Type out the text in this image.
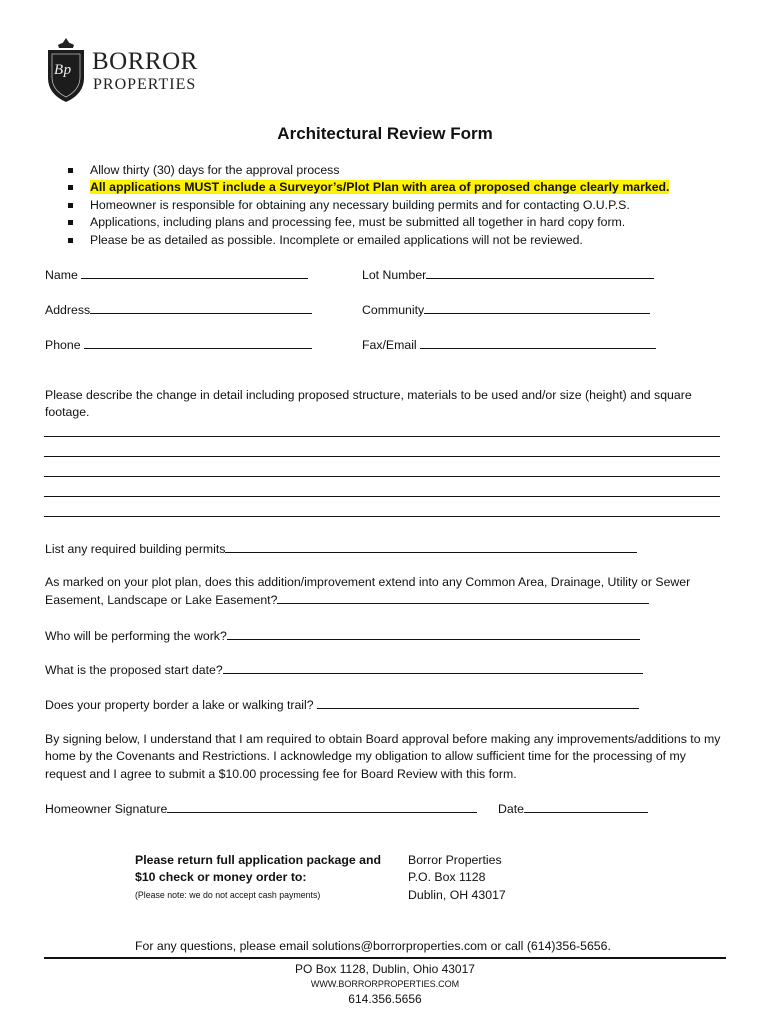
Bp BORROR
PROPERTIES
Architectural Review Form
Allow thirty (30) days for the approval process
All applications MUST include a Surveyor’s/Plot Plan with area of proposed change clearly marked.
Homeowner is responsible for obtaining any necessary building permits and for contacting O.U.P.S.
Applications, including plans and processing fee, must be submitted all together in hard copy form.
Please be as detailed as possible. Incomplete or emailed applications will not be reviewed.
Name	Lot Number
Address	Community
Phone	Fax/Email
Please describe the change in detail including proposed structure, materials to be used and/or size (height) and square footage.
List any required building permits
As marked on your plot plan, does this addition/improvement extend into any Common Area, Drainage, Utility or Sewer Easement, Landscape or Lake Easement?
Who will be performing the work?
What is the proposed start date?
Does your property border a lake or walking trail?
By signing below, I understand that I am required to obtain Board approval before making any improvements/additions to my home by the Covenants and Restrictions. I acknowledge my obligation to allow sufficient time for the processing of my request and I agree to submit a $10.00 processing fee for Board Review with this form.
Homeowner Signature	Date
Please return full application package and
$10 check or money order to:
(Please note: we do not accept cash payments)
Borror Properties
P.O. Box 1128
Dublin, OH 43017
For any questions, please email solutions@borrorproperties.com or call (614)356-5656.
PO Box 1128, Dublin, Ohio 43017
WWW.BORRORPROPERTIES.COM
614.356.5656
